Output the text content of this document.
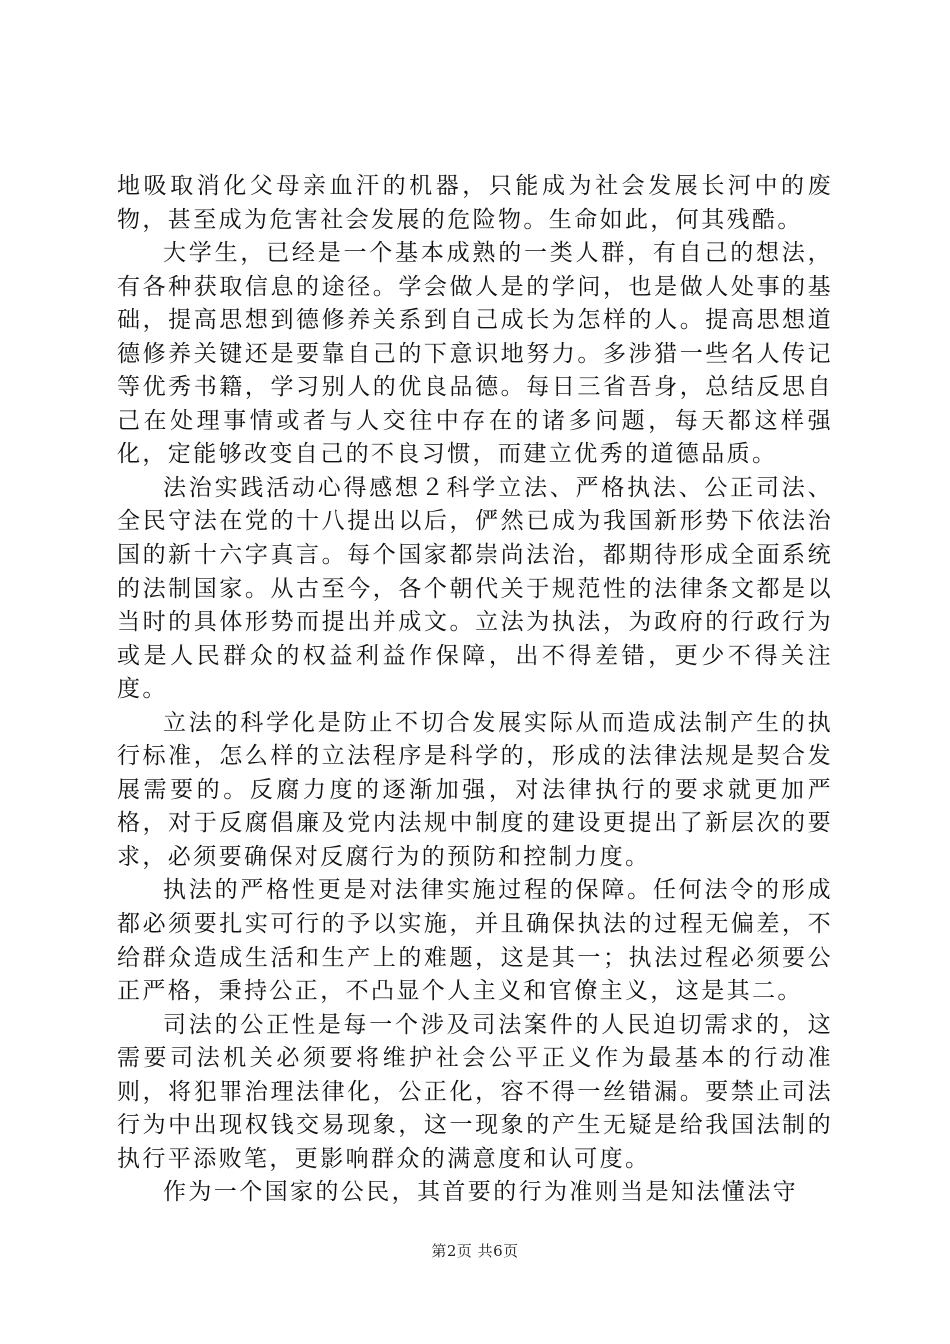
地吸取消化父母亲血汗的机器，只能成为社会发展长河中的废物，甚至成为危害社会发展的危险物。生命如此，何其残酷。

大学生，已经是一个基本成熟的一类人群，有自己的想法，有各种获取信息的途径。学会做人是的学问，也是做人处事的基础，提高思想到德修养关系到自己成长为怎样的人。提高思想道德修养关键还是要靠自己的下意识地努力。多涉猎一些名人传记等优秀书籍，学习别人的优良品德。每日三省吾身，总结反思自己在处理事情或者与人交往中存在的诸多问题，每天都这样强化，定能够改变自己的不良习惯，而建立优秀的道德品质。

法治实践活动心得感想２科学立法、严格执法、公正司法、全民守法在党的十八提出以后，俨然已成为我国新形势下依法治国的新十六字真言。每个国家都崇尚法治，都期待形成全面系统的法制国家。从古至今，各个朝代关于规范性的法律条文都是以当时的具体形势而提出并成文。立法为执法，为政府的行政行为或是人民群众的权益利益作保障，出不得差错，更少不得关注度。

立法的科学化是防止不切合发展实际从而造成法制产生的执行标准，怎么样的立法程序是科学的，形成的法律法规是契合发展需要的。反腐力度的逐渐加强，对法律执行的要求就更加严格，对于反腐倡廉及党内法规中制度的建设更提出了新层次的要求，必须要确保对反腐行为的预防和控制力度。

执法的严格性更是对法律实施过程的保障。任何法令的形成都必须要扎实可行的予以实施，并且确保执法的过程无偏差，不给群众造成生活和生产上的难题，这是其一；执法过程必须要公正严格，秉持公正，不凸显个人主义和官僚主义，这是其二。

司法的公正性是每一个涉及司法案件的人民迫切需求的，这需要司法机关必须要将维护社会公平正义作为最基本的行动准则，将犯罪治理法律化，公正化，容不得一丝错漏。要禁止司法行为中出现权钱交易现象，这一现象的产生无疑是给我国法制的执行平添败笔，更影响群众的满意度和认可度。

作为一个国家的公民，其首要的行为准则当是知法懂法守

第2页 共6页
